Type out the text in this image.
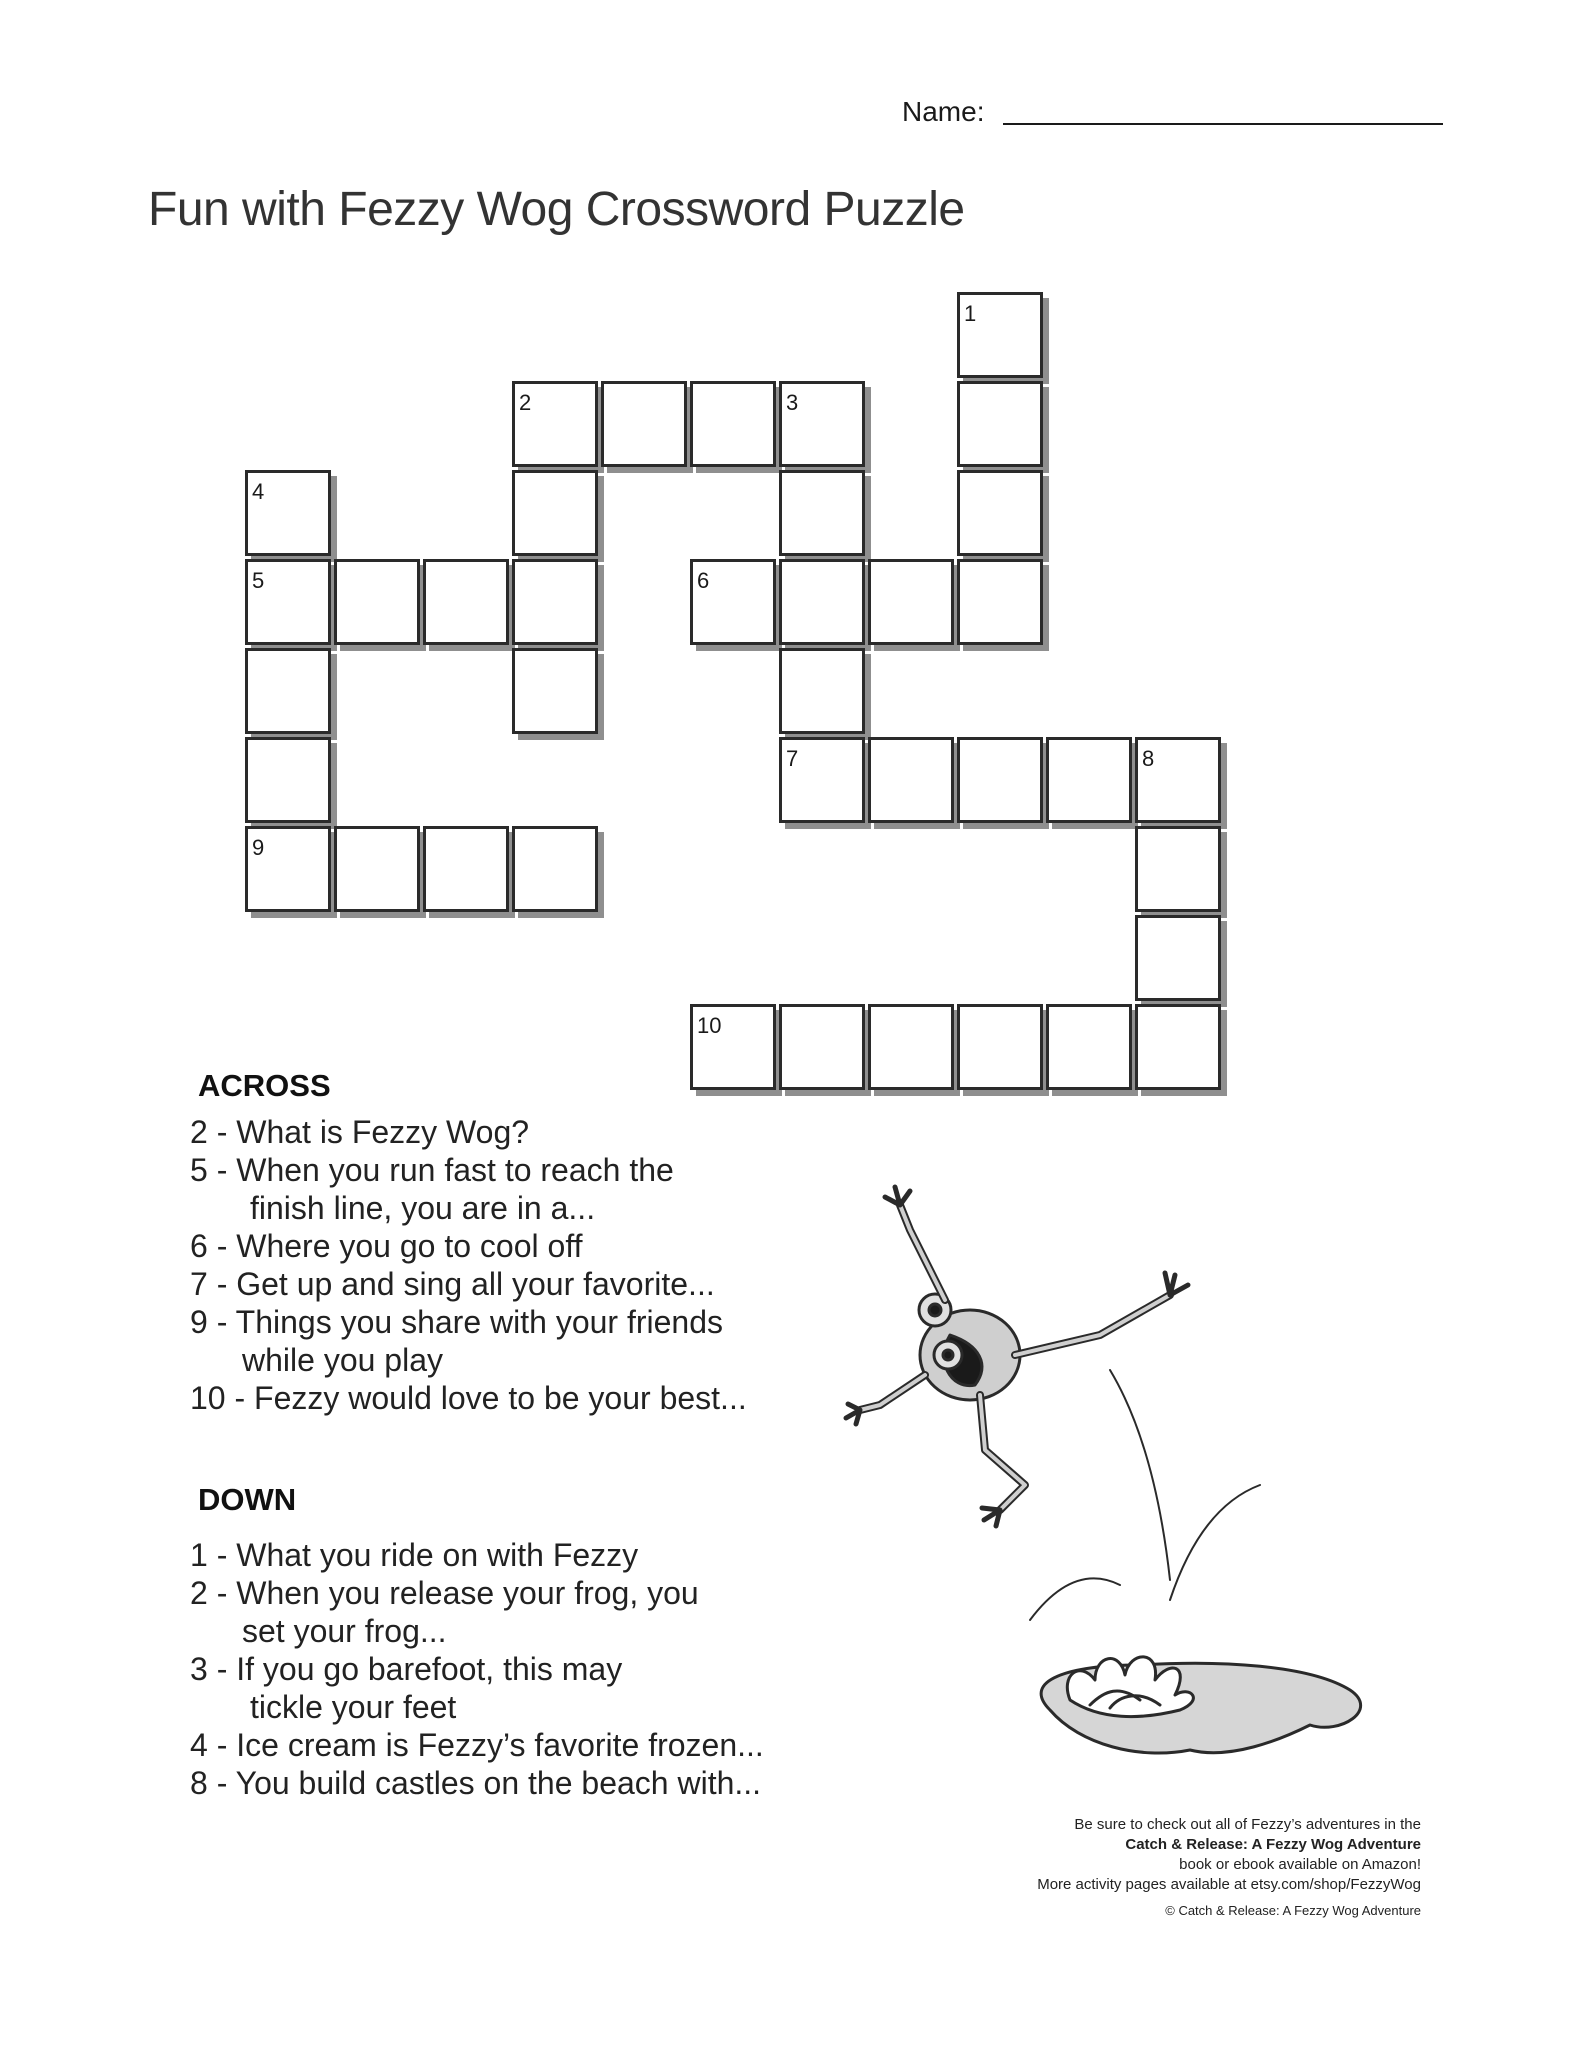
Name:
Fun with Fezzy Wog Crossword Puzzle
1
2	3
4
5	6
7	8
9
10
ACROSS
2 - What is Fezzy Wog?
5 - When you run fast to reach the
finish line, you are in a...
6 - Where you go to cool off
7 - Get up and sing all your favorite...
9 - Things you share with your friends
while you play
10 - Fezzy would love to be your best...
DOWN
1 - What you ride on with Fezzy
2 - When you release your frog, you
set your frog...
3 - If you go barefoot, this may
tickle your feet
4 - Ice cream is Fezzy’s favorite frozen...
8 - You build castles on the beach with...
Be sure to check out all of Fezzy’s adventures in the
Catch & Release: A Fezzy Wog Adventure
book or ebook available on Amazon!
More activity pages available at etsy.com/shop/FezzyWog
© Catch & Release: A Fezzy Wog Adventure
